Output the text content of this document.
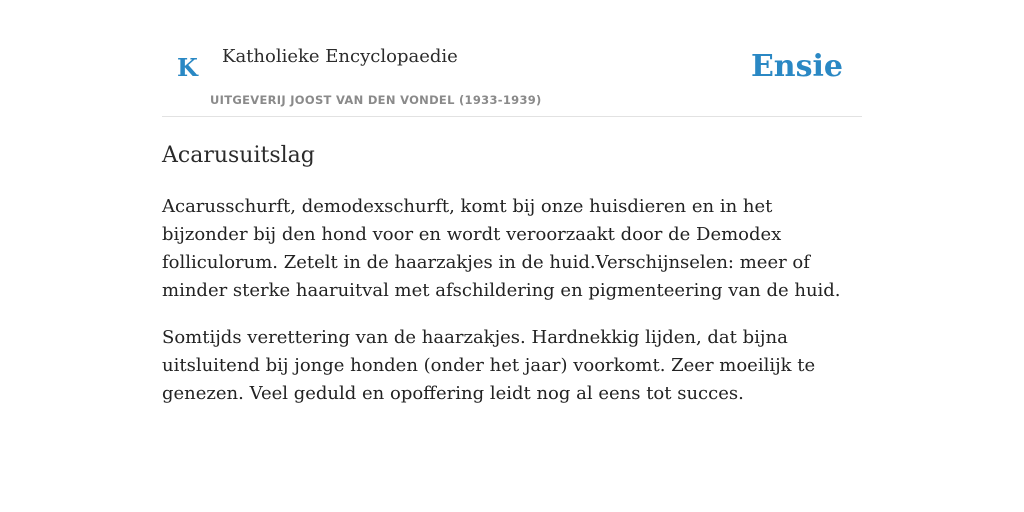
K Katholieke Encyclopaedie
UITGEVERIJ JOOST VAN DEN VONDEL (1933-1939)
Ensie
Acarusuitslag

Acarusschurft, demodexschurft, komt bij onze huisdieren en in het bijzonder bij den hond voor en wordt veroorzaakt door de Demodex folliculorum. Zetelt in de haarzakjes in de huid.Verschijnselen: meer of minder sterke haaruitval met afschildering en pigmenteering van de huid.

Somtijds verettering van de haarzakjes. Hardnekkig lijden, dat bijna uitsluitend bij jonge honden (onder het jaar) voorkomt. Zeer moeilijk te genezen. Veel geduld en opoffering leidt nog al eens tot succes.
